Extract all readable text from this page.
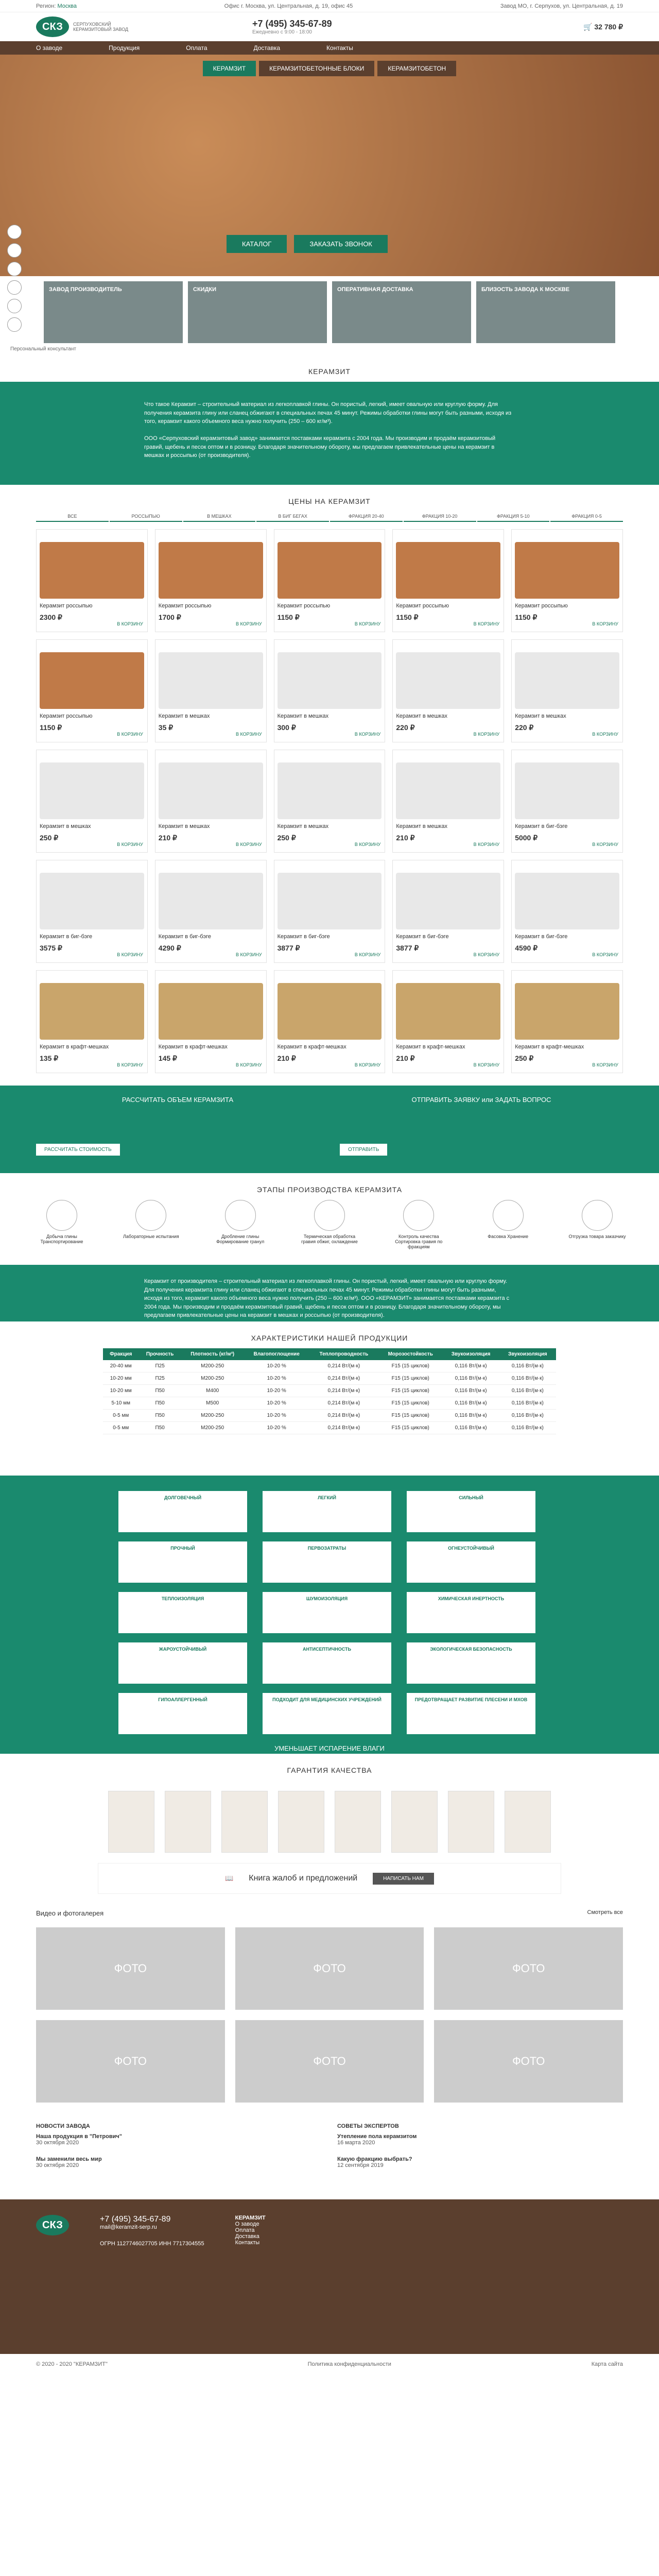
Регион: Москва	Офис г. Москва, ул. Центральная, д. 19, офис 45	Завод МО, г. Серпухов, ул. Центральная, д. 19
СКЗ	СЕРПУХОВСКИЙ КЕРАМЗИТОВЫЙ ЗАВОД
+7 (495) 345-67-89
Ежедневно с 9:00 - 18:00
🛒 32 780 ₽
О заводе	Продукция	Оплата	Доставка	Контакты
КЕРАМЗИТ	КЕРАМЗИТОБЕТОННЫЕ БЛОКИ	КЕРАМЗИТОБЕТОН
КАТАЛОГ	ЗАКАЗАТЬ ЗВОНОК
ЗАВОД ПРОИЗВОДИТЕЛЬ	СКИДКИ	ОПЕРАТИВНАЯ ДОСТАВКА	БЛИЗОСТЬ ЗАВОДА К МОСКВЕ
Персональный консультант
КЕРАМЗИТ

Что такое Керамзит – строительный материал из легкоплавкой глины. Он пористый, легкий, имеет овальную или круглую форму. Для получения керамзита глину или сланец обжигают в специальных печах 45 минут. Режимы обработки глины могут быть разными, исходя из того, керамзит какого объемного веса нужно получить (250 – 600 кг/м³).

ООО «Серпуховский керамзитовый завод» занимается поставками керамзита с 2004 года. Мы производим и продаём керамзитовый гравий, щебень и песок оптом и в розницу. Благодаря значительному обороту, мы предлагаем привлекательные цены на керамзит в мешках и россыпью (от производителя).

ЦЕНЫ НА КЕРАМЗИТ
ВСЕ	РОССЫПЬЮ	В МЕШКАХ	В БИГ БЕГАХ	ФРАКЦИЯ 20-40	ФРАКЦИЯ 10-20	ФРАКЦИЯ 5-10	ФРАКЦИЯ 0-5
Керамзит россыпью
2300 ₽
В КОРЗИНУ
Керамзит россыпью
1700 ₽
В КОРЗИНУ
Керамзит россыпью
1150 ₽
В КОРЗИНУ
Керамзит россыпью
1150 ₽
В КОРЗИНУ
Керамзит россыпью
1150 ₽
В КОРЗИНУ
Керамзит россыпью
1150 ₽
В КОРЗИНУ
Керамзит в мешках
35 ₽
В КОРЗИНУ
Керамзит в мешках
300 ₽
В КОРЗИНУ
Керамзит в мешках
220 ₽
В КОРЗИНУ
Керамзит в мешках
220 ₽
В КОРЗИНУ
Керамзит в мешках
250 ₽
В КОРЗИНУ
Керамзит в мешках
210 ₽
В КОРЗИНУ
Керамзит в мешках
250 ₽
В КОРЗИНУ
Керамзит в мешках
210 ₽
В КОРЗИНУ
Керамзит в биг-бэге
5000 ₽
В КОРЗИНУ
Керамзит в биг-бэге
3575 ₽
В КОРЗИНУ
Керамзит в биг-бэге
4290 ₽
В КОРЗИНУ
Керамзит в биг-бэге
3877 ₽
В КОРЗИНУ
Керамзит в биг-бэге
3877 ₽
В КОРЗИНУ
Керамзит в биг-бэге
4590 ₽
В КОРЗИНУ
Керамзит в крафт-мешках
135 ₽
В КОРЗИНУ
Керамзит в крафт-мешках
145 ₽
В КОРЗИНУ
Керамзит в крафт-мешках
210 ₽
В КОРЗИНУ
Керамзит в крафт-мешках
210 ₽
В КОРЗИНУ
Керамзит в крафт-мешках
250 ₽
В КОРЗИНУ
РАССЧИТАТЬ ОБЪЕМ КЕРАМЗИТА
РАССЧИТАТЬ СТОИМОСТЬ
ОТПРАВИТЬ ЗАЯВКУ или ЗАДАТЬ ВОПРОС
ОТПРАВИТЬ
ЭТАПЫ ПРОИЗВОДСТВА КЕРАМЗИТА
Добыча глины Транспортирование
Лабораторные испытания	Дробление глины Формирование гранул
Термическая обработка гравия обжиг, охлаждение
Контроль качества Сортировка гравия по фракциям
Фасовка Хранение	Отгрузка товара заказчику
Керамзит от производителя – строительный материал из легкоплавкой глины. Он пористый, легкий, имеет овальную или круглую форму. Для получения керамзита глину или сланец обжигают в специальных печах 45 минут. Режимы обработки глины могут быть разными, исходя из того, керамзит какого объемного веса нужно получить (250 – 600 кг/м³). ООО «КЕРАМЗИТ» занимается поставками керамзита с 2004 года. Мы производим и продаём керамзитовый гравий, щебень и песок оптом и в розницу. Благодаря значительному обороту, мы предлагаем привлекательные цены на керамзит в мешках и россыпью (от производителя).
ХАРАКТЕРИСТИКИ НАШЕЙ ПРОДУКЦИИ
Фракция	Прочность	Плотность (кг/м³)	Влагопоглощение	Теплопроводность	Морозостойкость	Звукоизоляция	Звукоизоляция
20-40 мм	П25	М200-250	10-20 %	0,214 Вт/(м·к)	F15 (15 циклов)	0,116 Вт/(м·к)	0,116 Вт/(м·к)
10-20 мм	П25	М200-250	10-20 %	0,214 Вт/(м·к)	F15 (15 циклов)	0,116 Вт/(м·к)	0,116 Вт/(м·к)
10-20 мм	П50	М400	10-20 %	0,214 Вт/(м·к)	F15 (15 циклов)	0,116 Вт/(м·к)	0,116 Вт/(м·к)
5-10 мм	П50	М500	10-20 %	0,214 Вт/(м·к)	F15 (15 циклов)	0,116 Вт/(м·к)	0,116 Вт/(м·к)
0-5 мм	П50	М200-250	10-20 %	0,214 Вт/(м·к)	F15 (15 циклов)	0,116 Вт/(м·к)	0,116 Вт/(м·к)
0-5 мм	П50	М200-250	10-20 %	0,214 Вт/(м·к)	F15 (15 циклов)	0,116 Вт/(м·к)	0,116 Вт/(м·к)
ДОЛГОВЕЧНЫЙ	ЛЕГКИЙ	СИЛЬНЫЙ
ПРОЧНЫЙ	ПЕРВОЗАТРАТЫ	ОГНЕУСТОЙЧИВЫЙ
ТЕПЛОИЗОЛЯЦИЯ	ШУМОИЗОЛЯЦИЯ	ХИМИЧЕСКАЯ ИНЕРТНОСТЬ
ЖАРОУСТОЙЧИВЫЙ	АНТИСЕПТИЧНОСТЬ	ЭКОЛОГИЧЕСКАЯ БЕЗОПАСНОСТЬ
ГИПОАЛЛЕРГЕННЫЙ	ПОДХОДИТ ДЛЯ МЕДИЦИНСКИХ УЧРЕЖДЕНИЙ	ПРЕДОТВРАЩАЕТ РАЗВИТИЕ ПЛЕСЕНИ И МХОВ
УМЕНЬШАЕТ ИСПАРЕНИЕ ВЛАГИ
ГАРАНТИЯ КАЧЕСТВА
📖 Книга жалоб и предложений	НАПИСАТЬ НАМ
Видео и фотогалерея	Смотреть все
ФОТО	ФОТО	ФОТО
ФОТО	ФОТО	ФОТО
НОВОСТИ ЗАВОДА
Наша продукция в "Петрович"

30 октября 2020

Мы заменили весь мир

30 октября 2020

СОВЕТЫ ЭКСПЕРТОВ
Утепление пола керамзитом

16 марта 2020

Какую фракцию выбрать?

12 сентября 2019

СКЗ	+7 (495) 345-67-89
mail@keramzit-serp.ru
ОГРН 1127746027705 ИНН 7717304555
КЕРАМЗИТ
О заводе
Оплата
Доставка
Контакты
© 2020 - 2020 "КЕРАМЗИТ"	Политика конфиденциальности	Карта сайта
